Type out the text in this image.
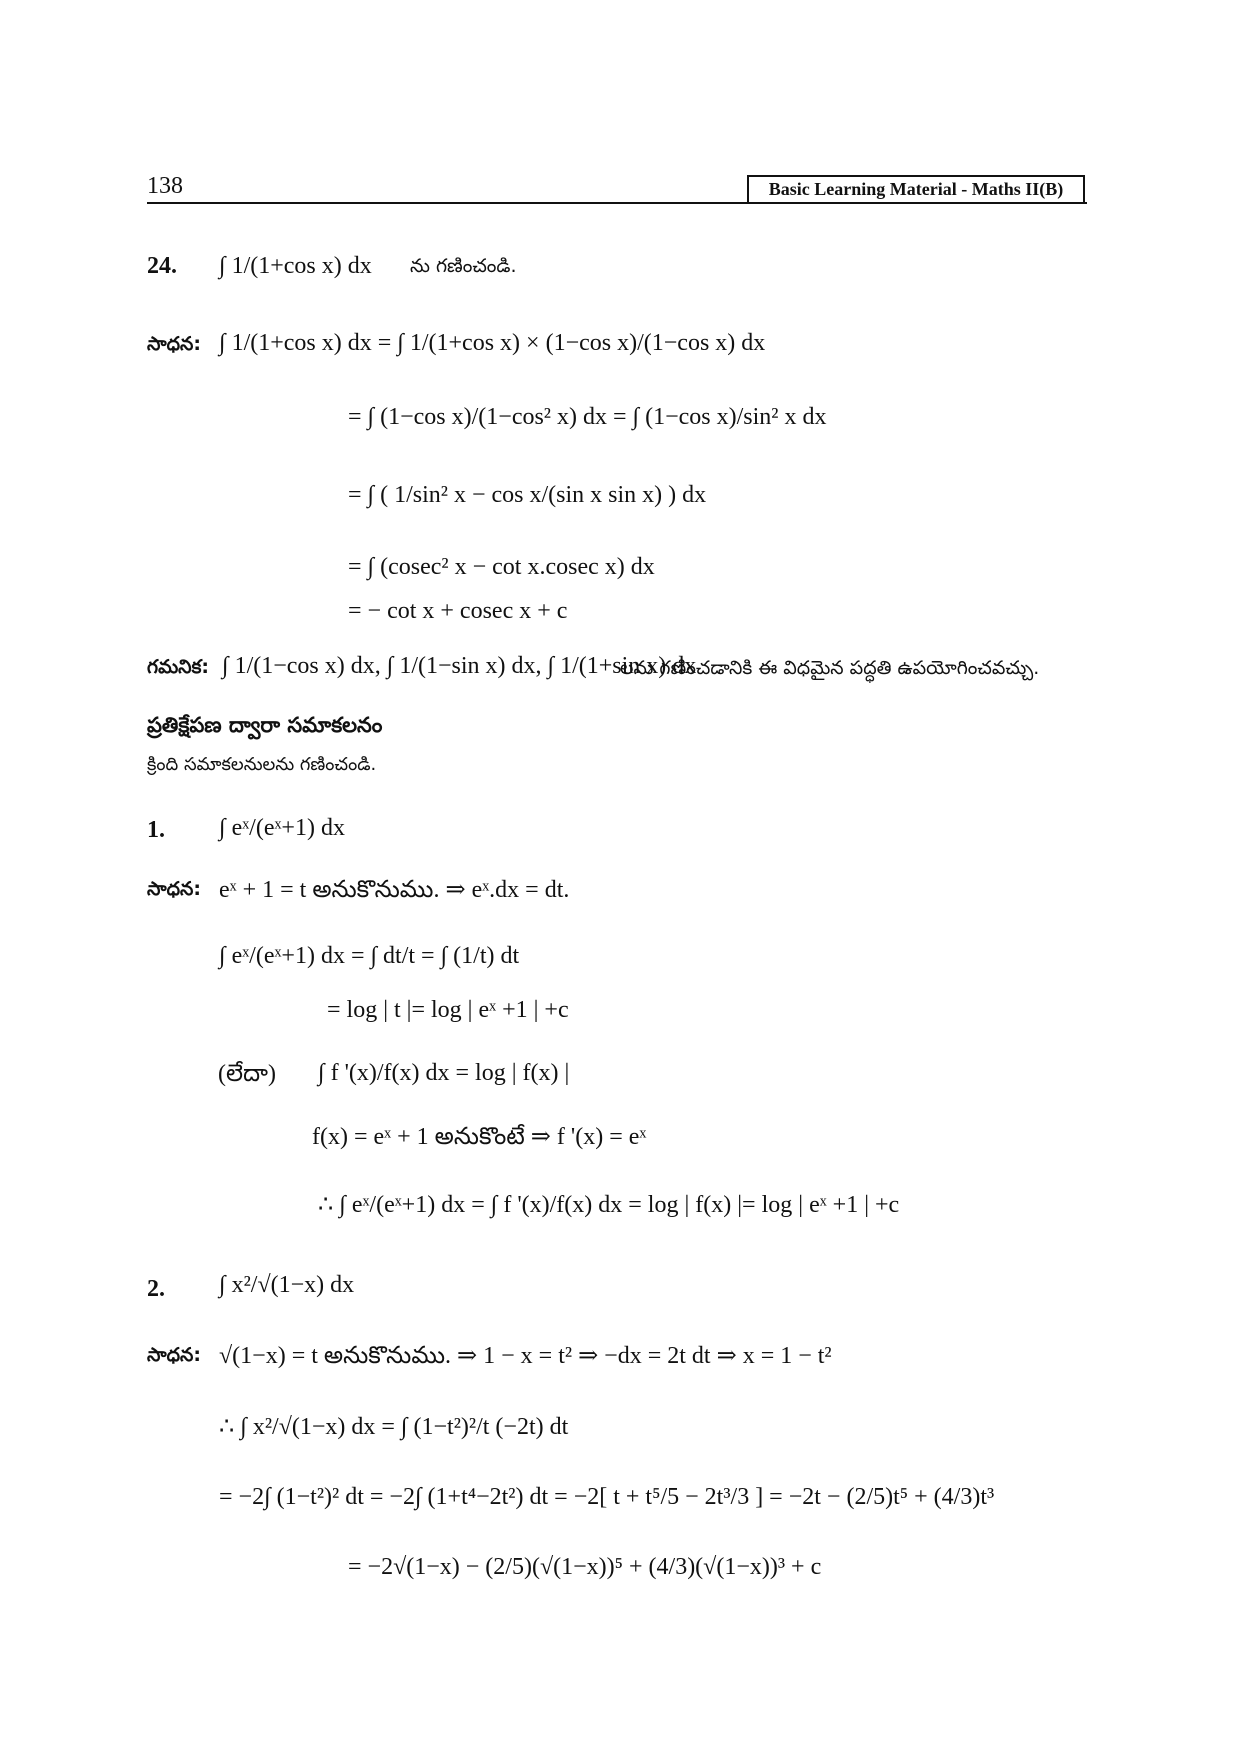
138	Basic Learning Material - Maths II(B)
24. ∫ 1/(1+cos x) dx ను గణించండి.
సాధన: ∫ 1/(1+cos x) dx = ∫ 1/(1+cos x) × (1−cos x)/(1−cos x) dx
= ∫ (1−cos x)/(1−cos² x) dx = ∫ (1−cos x)/sin² x dx
= ∫ ( 1/sin² x − cos x/(sin x sin x) ) dx
= ∫ (cosec² x − cot x.cosec x) dx
= − cot x + cosec x + c
గమనిక: ∫ 1/(1−cos x) dx, ∫ 1/(1−sin x) dx, ∫ 1/(1+sin x) dx
లను గణించడానికి ఈ విధమైన పద్ధతి ఉపయోగించవచ్చు.
ప్రతిక్షేపణ ద్వారా సమాకలనం
క్రింది సమాకలనులను గణించండి.
1. ∫ eˣ/(eˣ+1) dx
సాధన: eˣ + 1 = t అనుకొనుము. ⇒ eˣ.dx = dt.
∫ eˣ/(eˣ+1) dx = ∫ dt/t = ∫ (1/t) dt
= log | t |= log | eˣ +1 | +c
(లేదా) ∫ f '(x)/f(x) dx = log | f(x) |
f(x) = eˣ + 1 అనుకొంటే ⇒ f '(x) = eˣ
∴ ∫ eˣ/(eˣ+1) dx = ∫ f '(x)/f(x) dx = log | f(x) |= log | eˣ +1 | +c
2. ∫ x²/√(1−x) dx
సాధన: √(1−x) = t అనుకొనుము. ⇒ 1 − x = t² ⇒ −dx = 2t dt ⇒ x = 1 − t²
∴ ∫ x²/√(1−x) dx = ∫ (1−t²)²/t (−2t) dt
= −2∫ (1−t²)² dt = −2∫ (1+t⁴−2t²) dt = −2[ t + t⁵/5 − 2t³/3 ] = −2t − (2/5)t⁵ + (4/3)t³
= −2√(1−x) − (2/5)(√(1−x))⁵ + (4/3)(√(1−x))³ + c
